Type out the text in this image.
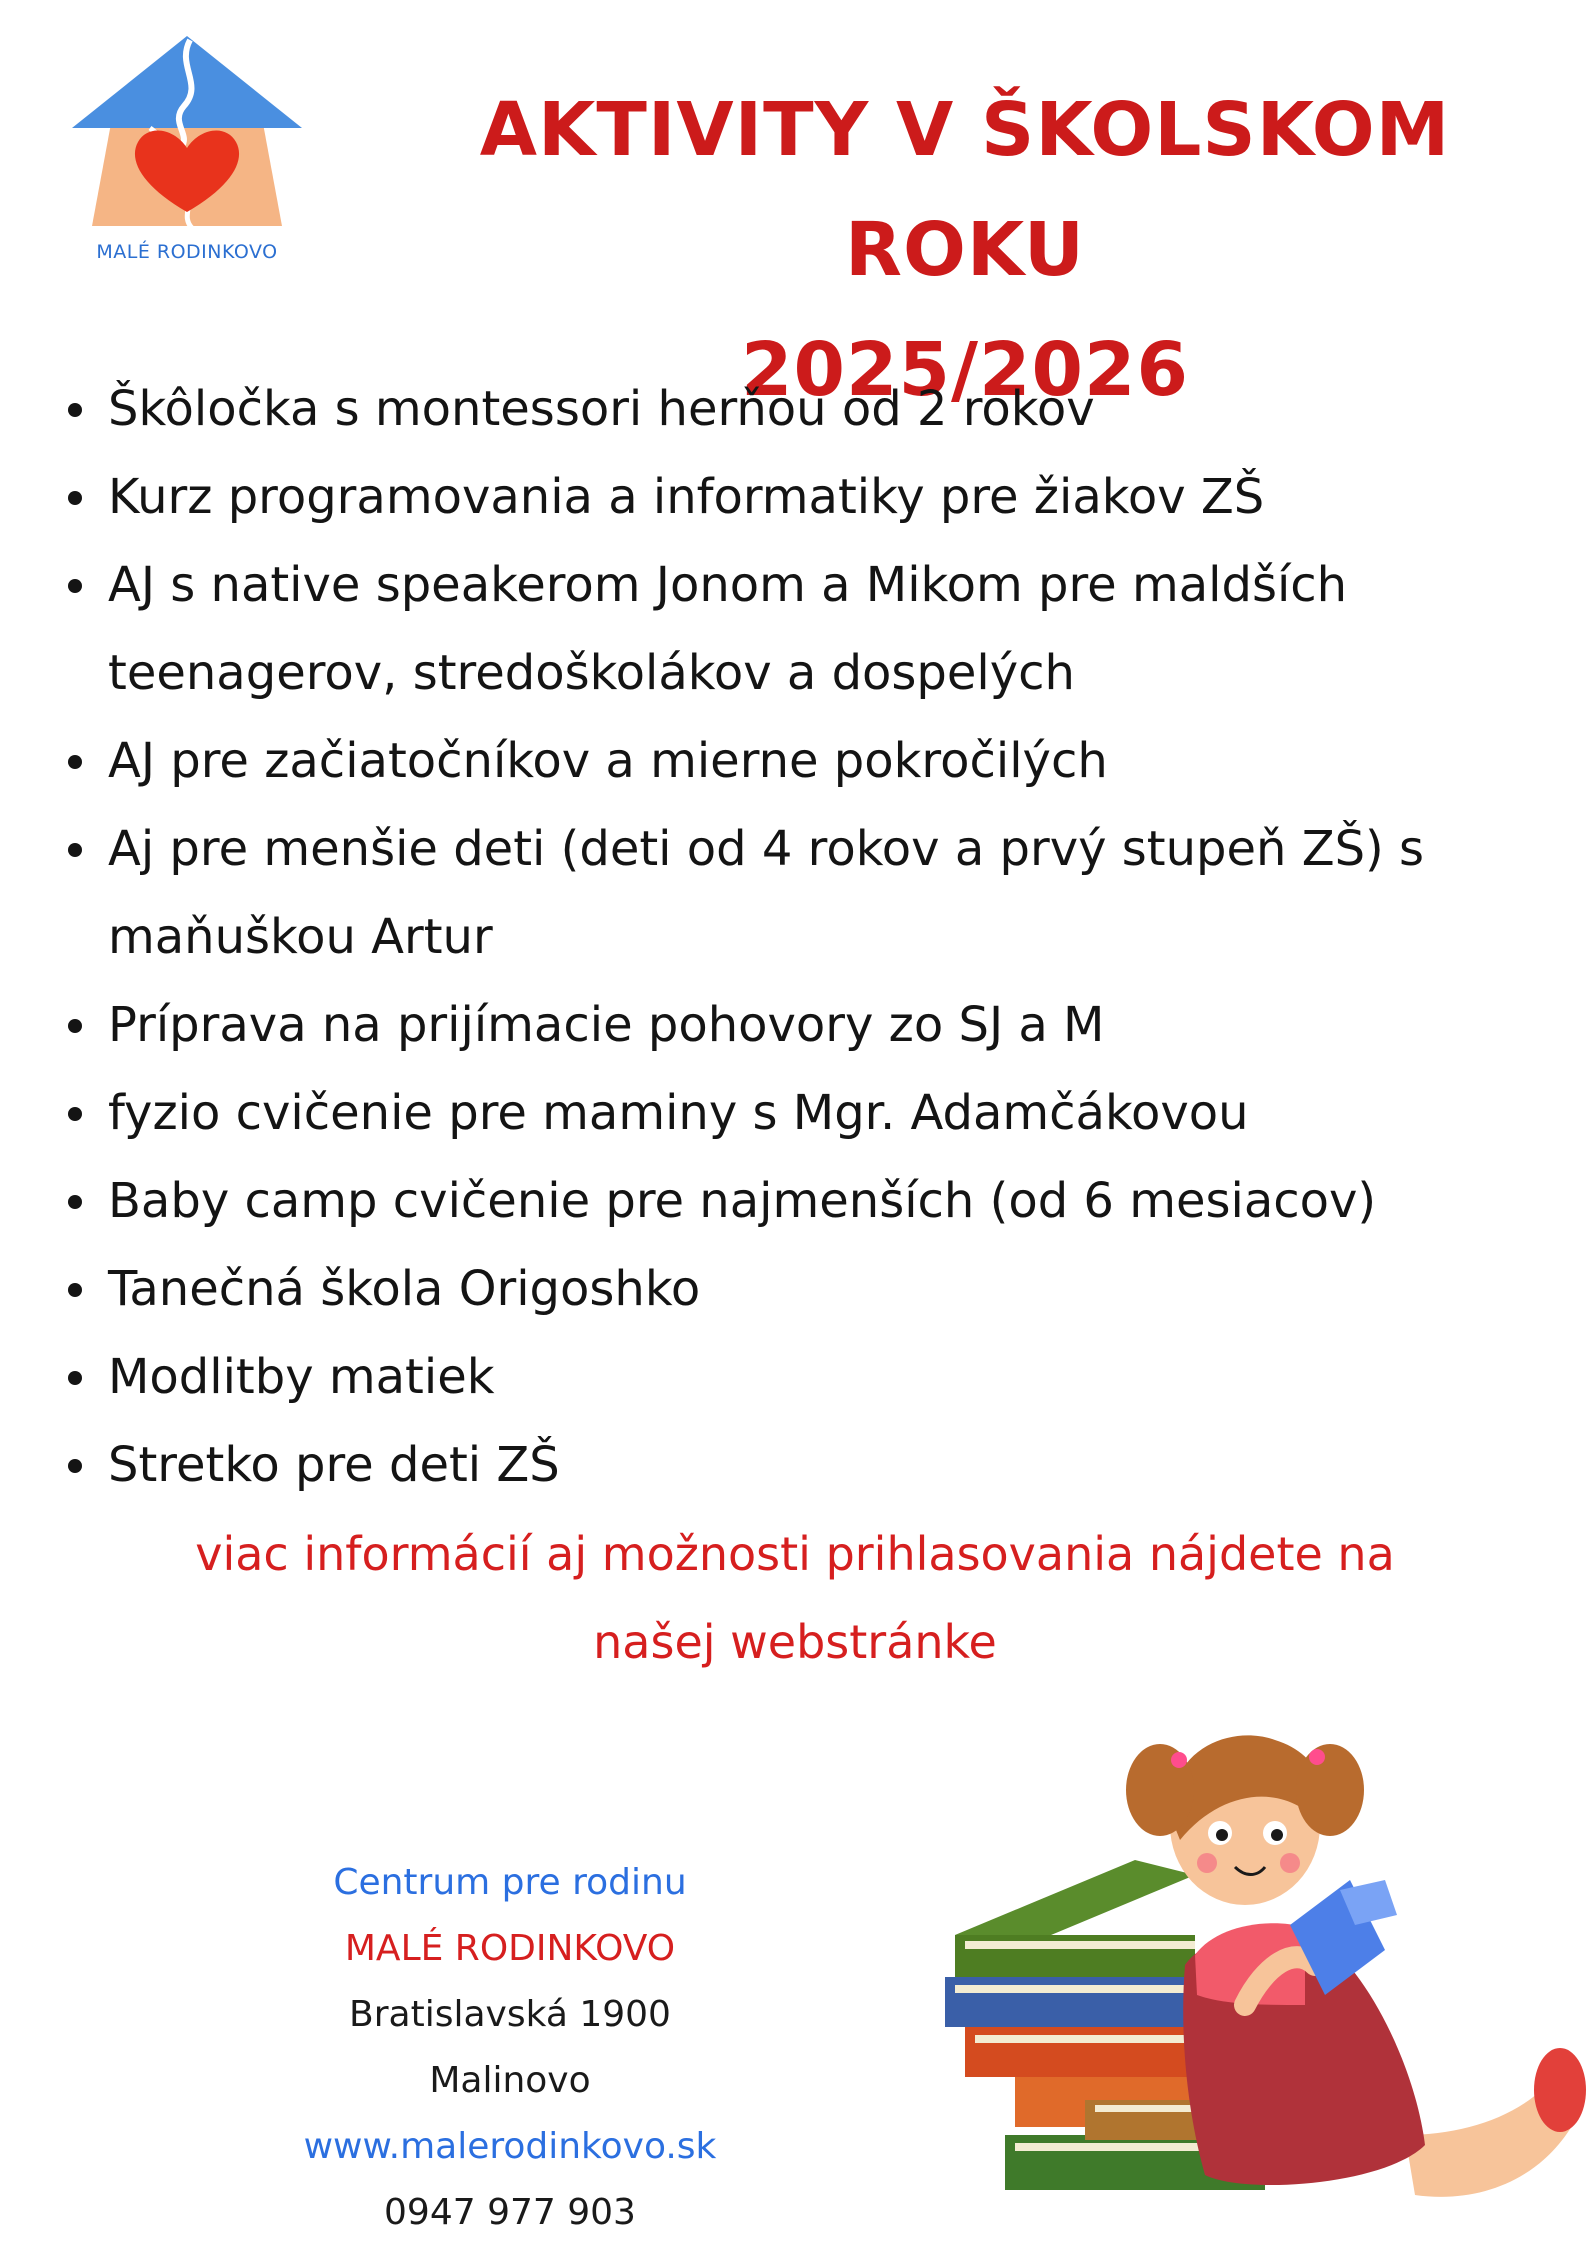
MALÉ RODINKOVO
AKTIVITY V ŠKOLSKOM ROKU
2025/2026
Škôločka s montessori herňou od 2 rokov
Kurz programovania a informatiky pre žiakov ZŠ
AJ s native speakerom Jonom a Mikom pre maldších teenagerov, stredoškolákov a dospelých
AJ pre začiatočníkov a mierne pokročilých
Aj pre menšie deti (deti od 4 rokov a prvý stupeň ZŠ) s maňuškou Artur
Príprava na prijímacie pohovory zo SJ a M
fyzio cvičenie pre maminy s Mgr. Adamčákovou
Baby camp cvičenie pre najmenších (od 6 mesiacov)
Tanečná škola Origoshko
Modlitby matiek
Stretko pre deti ZŠ
viac informácií aj možnosti prihlasovania nájdete na
našej webstránke
Centrum pre rodinu
MALÉ RODINKOVO
Bratislavská 1900
Malinovo
www.malerodinkovo.sk
0947 977 903
